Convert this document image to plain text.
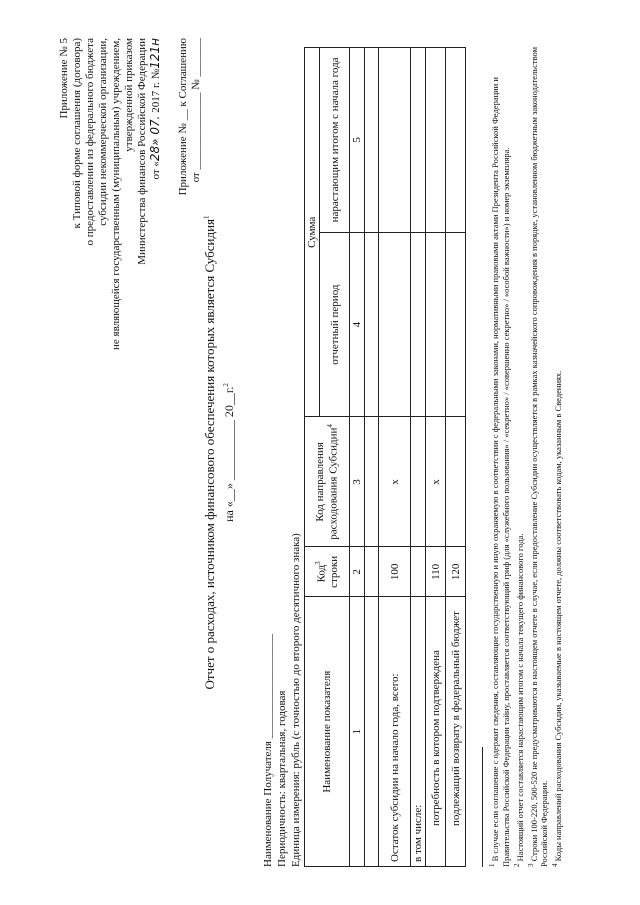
Приложение № 5 к Типовой форме соглашения (договора) о предоставлении из федерального бюджета субсидии некоммерческой организации, не являющейся государственным (муниципальным) учреждением, утвержденной приказом Министерства финансов Российской Федерации от «28» 07. 2017 г. №121н Приложение № __ к Соглашению от ______________ № _______
Отчет о расходах, источником финансового обеспечения которых является Субсидия$^1$
на «__» __________ 20__г.$^2$
Наименование Получателя ___________________ Периодичность: квартальная, годовая Единица измерения: рубль (с точностью до второго десятичного знака) Наименование показателя	Код$^3$ строки	Код направления расходования Субсидии$^4$	Сумма	
			отчетный период	нарастающим итогом с начала года
1	2	3	4	5

Остаток субсидии на начало года, всего:	100	x		
в том числе:				
потребность в котором подтверждена	110	x		
подлежащий возврату в федеральный бюджет	120			

$^1$ В случае если соглашение с одержит сведения, составляющие государственную и иную охраняемую в соответствии с федеральными законами, нормативными правовыми актами Президента Российской Федерации и Правительства Российской Федерации тайну, проставляется соответствующий гриф (для «служебного пользования» / «секретно» / «совершенно секретно» / «особой важности») и номер экземпляра. $^2$ Настоящий отчет составляется нарастающим итогом с начала текущего финансового года.

$^3$ Строки 100-220, 500-520 не предусматриваются в настоящем отчете в случае, если предоставление Субсидии осуществляется в рамках казначейского сопровождения в порядке, установленном бюджетным законодательством Российской Федерации. $^4$ Коды направлений расходования Субсидии, указываемые в настоящем отчете, должны соответствовать кодам, указанным в Сведениях.
